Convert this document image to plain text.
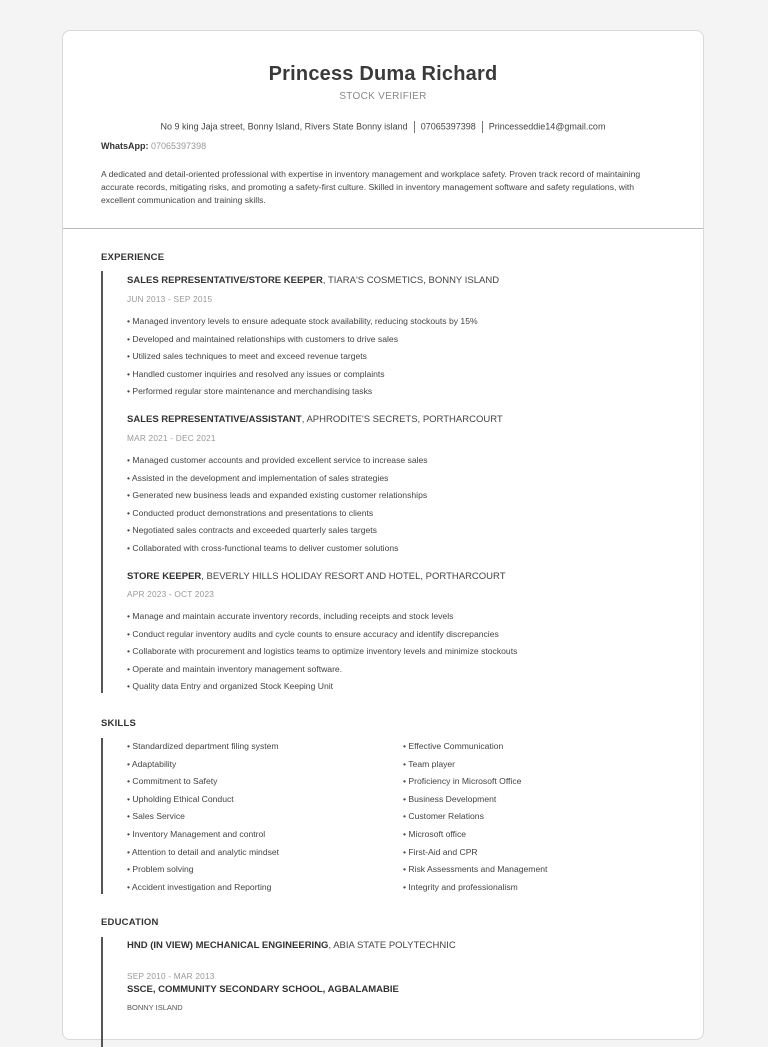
Princess Duma Richard
STOCK VERIFIER
No 9 king Jaja street, Bonny Island, Rivers State Bonny island 07065397398 Princesseddie14@gmail.com
WhatsApp: 07065397398
A dedicated and detail-oriented professional with expertise in inventory management and workplace safety. Proven track record of maintaining accurate records, mitigating risks, and promoting a safety-first culture. Skilled in inventory management software and safety regulations, with excellent communication and training skills.
EXPERIENCE
SALES REPRESENTATIVE/STORE KEEPER, TIARA'S COSMETICS, BONNY ISLAND
JUN 2013 - SEP 2015
• Managed inventory levels to ensure adequate stock availability, reducing stockouts by 15%
• Developed and maintained relationships with customers to drive sales
• Utilized sales techniques to meet and exceed revenue targets
• Handled customer inquiries and resolved any issues or complaints
• Performed regular store maintenance and merchandising tasks
SALES REPRESENTATIVE/ASSISTANT, APHRODITE'S SECRETS, PORTHARCOURT
MAR 2021 - DEC 2021
• Managed customer accounts and provided excellent service to increase sales
• Assisted in the development and implementation of sales strategies
• Generated new business leads and expanded existing customer relationships
• Conducted product demonstrations and presentations to clients
• Negotiated sales contracts and exceeded quarterly sales targets
• Collaborated with cross-functional teams to deliver customer solutions
STORE KEEPER, BEVERLY HILLS HOLIDAY RESORT AND HOTEL, PORTHARCOURT
APR 2023 - OCT 2023
• Manage and maintain accurate inventory records, including receipts and stock levels
• Conduct regular inventory audits and cycle counts to ensure accuracy and identify discrepancies
• Collaborate with procurement and logistics teams to optimize inventory levels and minimize stockouts
• Operate and maintain inventory management software.
• Quality data Entry and organized Stock Keeping Unit
SKILLS
• Standardized department filing system
• Adaptability
• Commitment to Safety
• Upholding Ethical Conduct
• Sales Service
• Inventory Management and control
• Attention to detail and analytic mindset
• Problem solving
• Accident investigation and Reporting
• Effective Communication
• Team player
• Proficiency in Microsoft Office
• Business Development
• Customer Relations
• Microsoft office
• First-Aid and CPR
• Risk Assessments and Management
• Integrity and professionalism
EDUCATION
HND (IN VIEW) MECHANICAL ENGINEERING, ABIA STATE POLYTECHNIC
SEP 2010 - MAR 2013
SSCE, COMMUNITY SECONDARY SCHOOL, AGBALAMABIE
BONNY ISLAND
